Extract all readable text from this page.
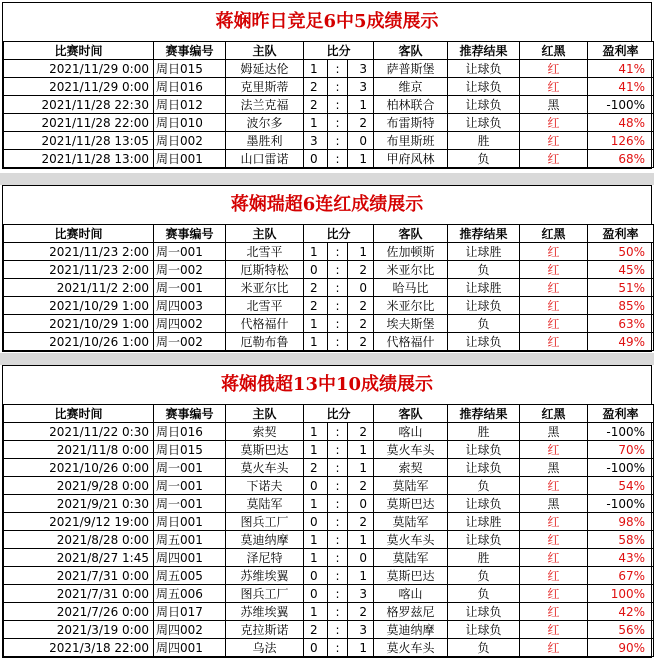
蒋娴昨日竞足6中5成绩展示
比赛时间	赛事编号	主队	比分			客队	推荐结果	红黑	盈利率
2021/11/29 0:00	周日015	姆延达伦	1	:	3	萨普斯堡	让球负	红	41%
2021/11/29 0:00	周日016	克里斯蒂	2	:	3	维京	让球负	红	41%
2021/11/28 22:30	周日012	法兰克福	2	:	1	柏林联合	让球负	黑	-100%
2021/11/28 22:00	周日010	波尔多	1	:	2	布雷斯特	让球负	红	48%
2021/11/28 13:05	周日002	墨胜利	3	:	0	布里斯班	胜	红	126%
2021/11/28 13:00	周日001	山口雷诺	0	:	1	甲府风林	负	红	68%
蒋娴瑞超6连红成绩展示
比赛时间	赛事编号	主队	比分			客队	推荐结果	红黑	盈利率
2021/11/23 2:00	周一001	北雪平	1	:	1	佐加顿斯	让球胜	红	50%
2021/11/23 2:00	周一002	厄斯特松	0	:	2	米亚尔比	负	红	45%
2021/11/2 2:00	周一001	米亚尔比	2	:	0	哈马比	让球胜	红	51%
2021/10/29 1:00	周四003	北雪平	2	:	2	米亚尔比	让球负	红	85%
2021/10/29 1:00	周四002	代格福什	1	:	2	埃夫斯堡	负	红	63%
2021/10/26 1:00	周一002	厄勒布鲁	1	:	2	代格福什	让球负	红	49%
蒋娴俄超13中10成绩展示
比赛时间	赛事编号	主队	比分			客队	推荐结果	红黑	盈利率
2021/11/22 0:30	周日016	索契	1	:	2	喀山	胜	黑	-100%
2021/11/8 0:00	周日015	莫斯巴达	1	:	1	莫火车头	让球负	红	70%
2021/10/26 0:00	周一001	莫火车头	2	:	1	索契	让球负	黑	-100%
2021/9/28 0:00	周一001	下诺夫	0	:	2	莫陆军	负	红	54%
2021/9/21 0:30	周一001	莫陆军	1	:	0	莫斯巴达	让球负	黑	-100%
2021/9/12 19:00	周日001	图兵工厂	0	:	2	莫陆军	让球胜	红	98%
2021/8/28 0:00	周五001	莫迪纳摩	1	:	1	莫火车头	让球负	红	58%
2021/8/27 1:45	周四001	泽尼特	1	:	0	莫陆军	胜	红	43%
2021/7/31 0:00	周五005	苏维埃翼	0	:	1	莫斯巴达	负	红	67%
2021/7/31 0:00	周五006	图兵工厂	0	:	3	喀山	负	红	100%
2021/7/26 0:00	周日017	苏维埃翼	1	:	2	格罗兹尼	让球负	红	42%
2021/3/19 0:00	周四002	克拉斯诺	2	:	3	莫迪纳摩	让球负	红	56%
2021/3/18 22:00	周四001	乌法	0	:	1	莫火车头	负	红	90%
